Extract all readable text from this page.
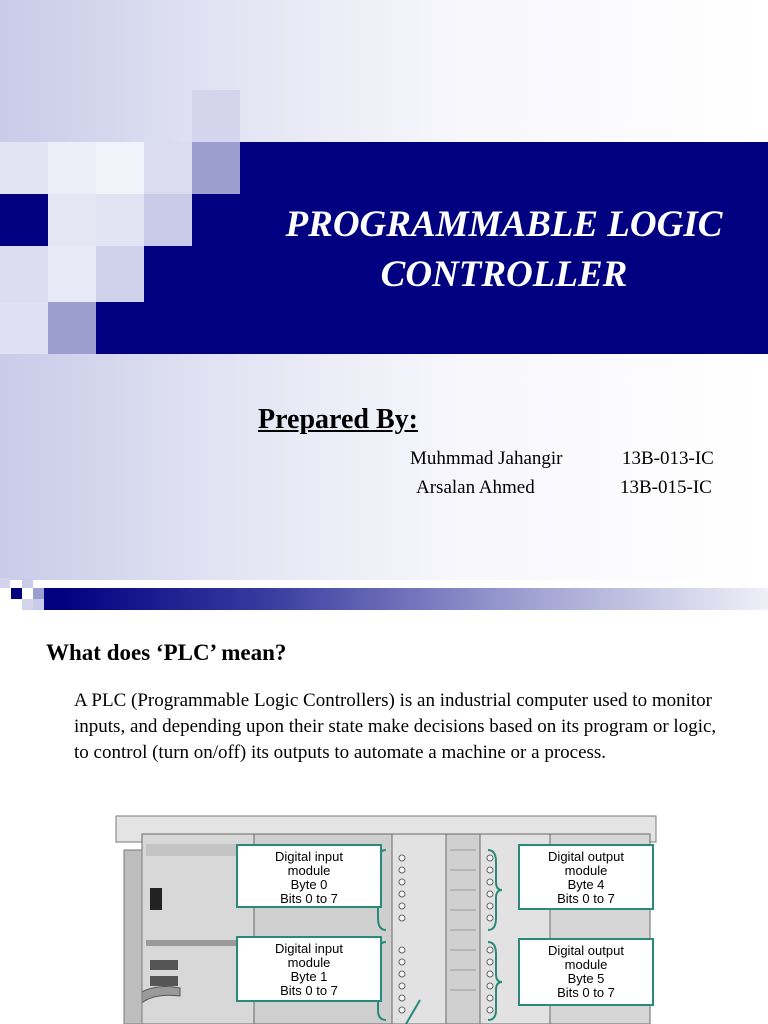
PROGRAMMABLE LOGIC
CONTROLLER
Prepared By:
Muhmmad Jahangir	13B-013-IC
Arsalan Ahmed	13B-015-IC
What does ‘PLC’ mean?
A PLC (Programmable Logic Controllers) is an industrial computer used to monitor inputs, and depending upon their state make decisions based on its program or logic, to control (turn on/off) its outputs to automate a machine or a process.
Digital input
module
Byte 0
Bits 0 to 7
Digital input
module
Byte 1
Bits 0 to 7
Digital output
module
Byte 4
Bits 0 to 7
Digital output
module
Byte 5
Bits 0 to 7
